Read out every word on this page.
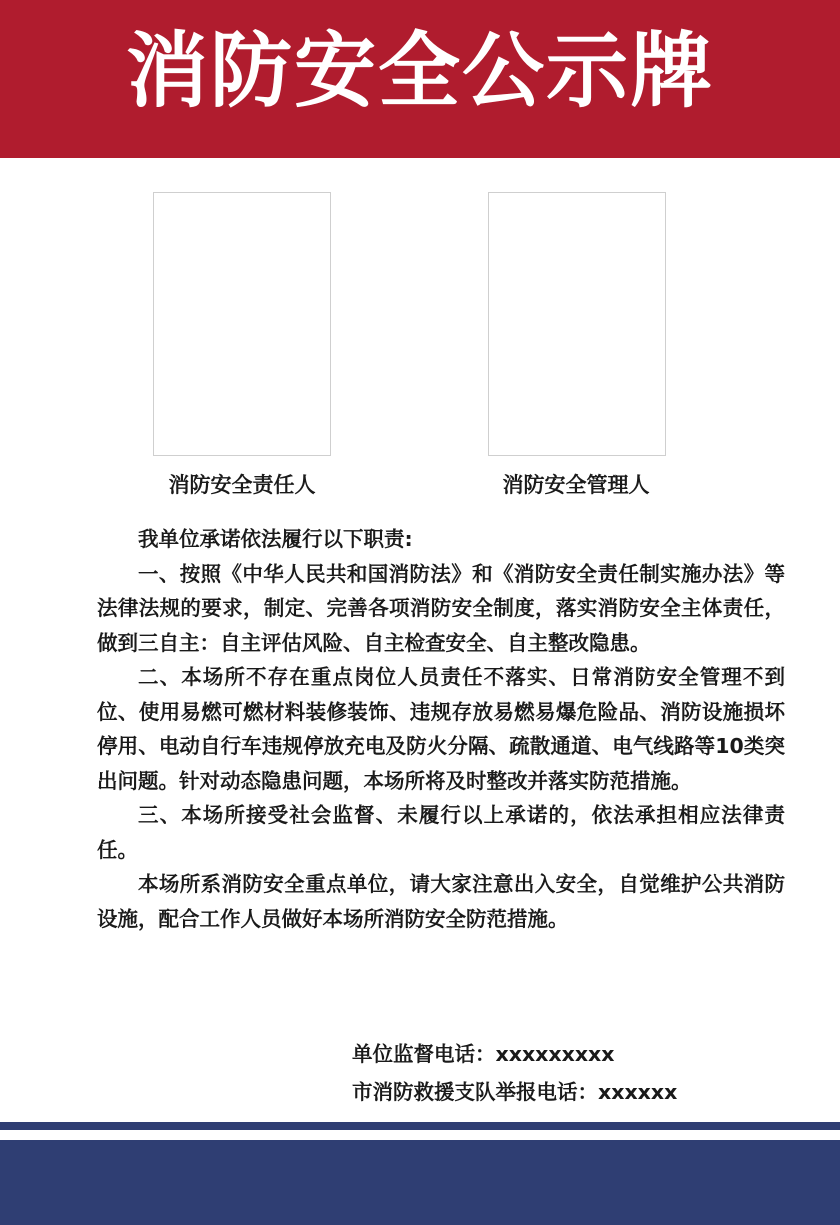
消防安全公示牌
消防安全责任人	消防安全管理人

我单位承诺依法履行以下职责:

一、按照《中华人民共和国消防法》和《消防安全责任制实施办法》等法律法规的要求，制定、完善各项消防安全制度，落实消防安全主体责任，做到三自主：自主评估风险、自主检查安全、自主整改隐患。

二、本场所不存在重点岗位人员责任不落实、日常消防安全管理不到位、使用易燃可燃材料装修装饰、违规存放易燃易爆危险品、消防设施损坏停用、电动自行车违规停放充电及防火分隔、疏散通道、电气线路等10类突出问题。针对动态隐患问题，本场所将及时整改并落实防范措施。

三、本场所接受社会监督、未履行以上承诺的，依法承担相应法律责任。

本场所系消防安全重点单位，请大家注意出入安全，自觉维护公共消防设施，配合工作人员做好本场所消防安全防范措施。

单位监督电话：xxxxxxxxx
市消防救援支队举报电话：xxxxxx
